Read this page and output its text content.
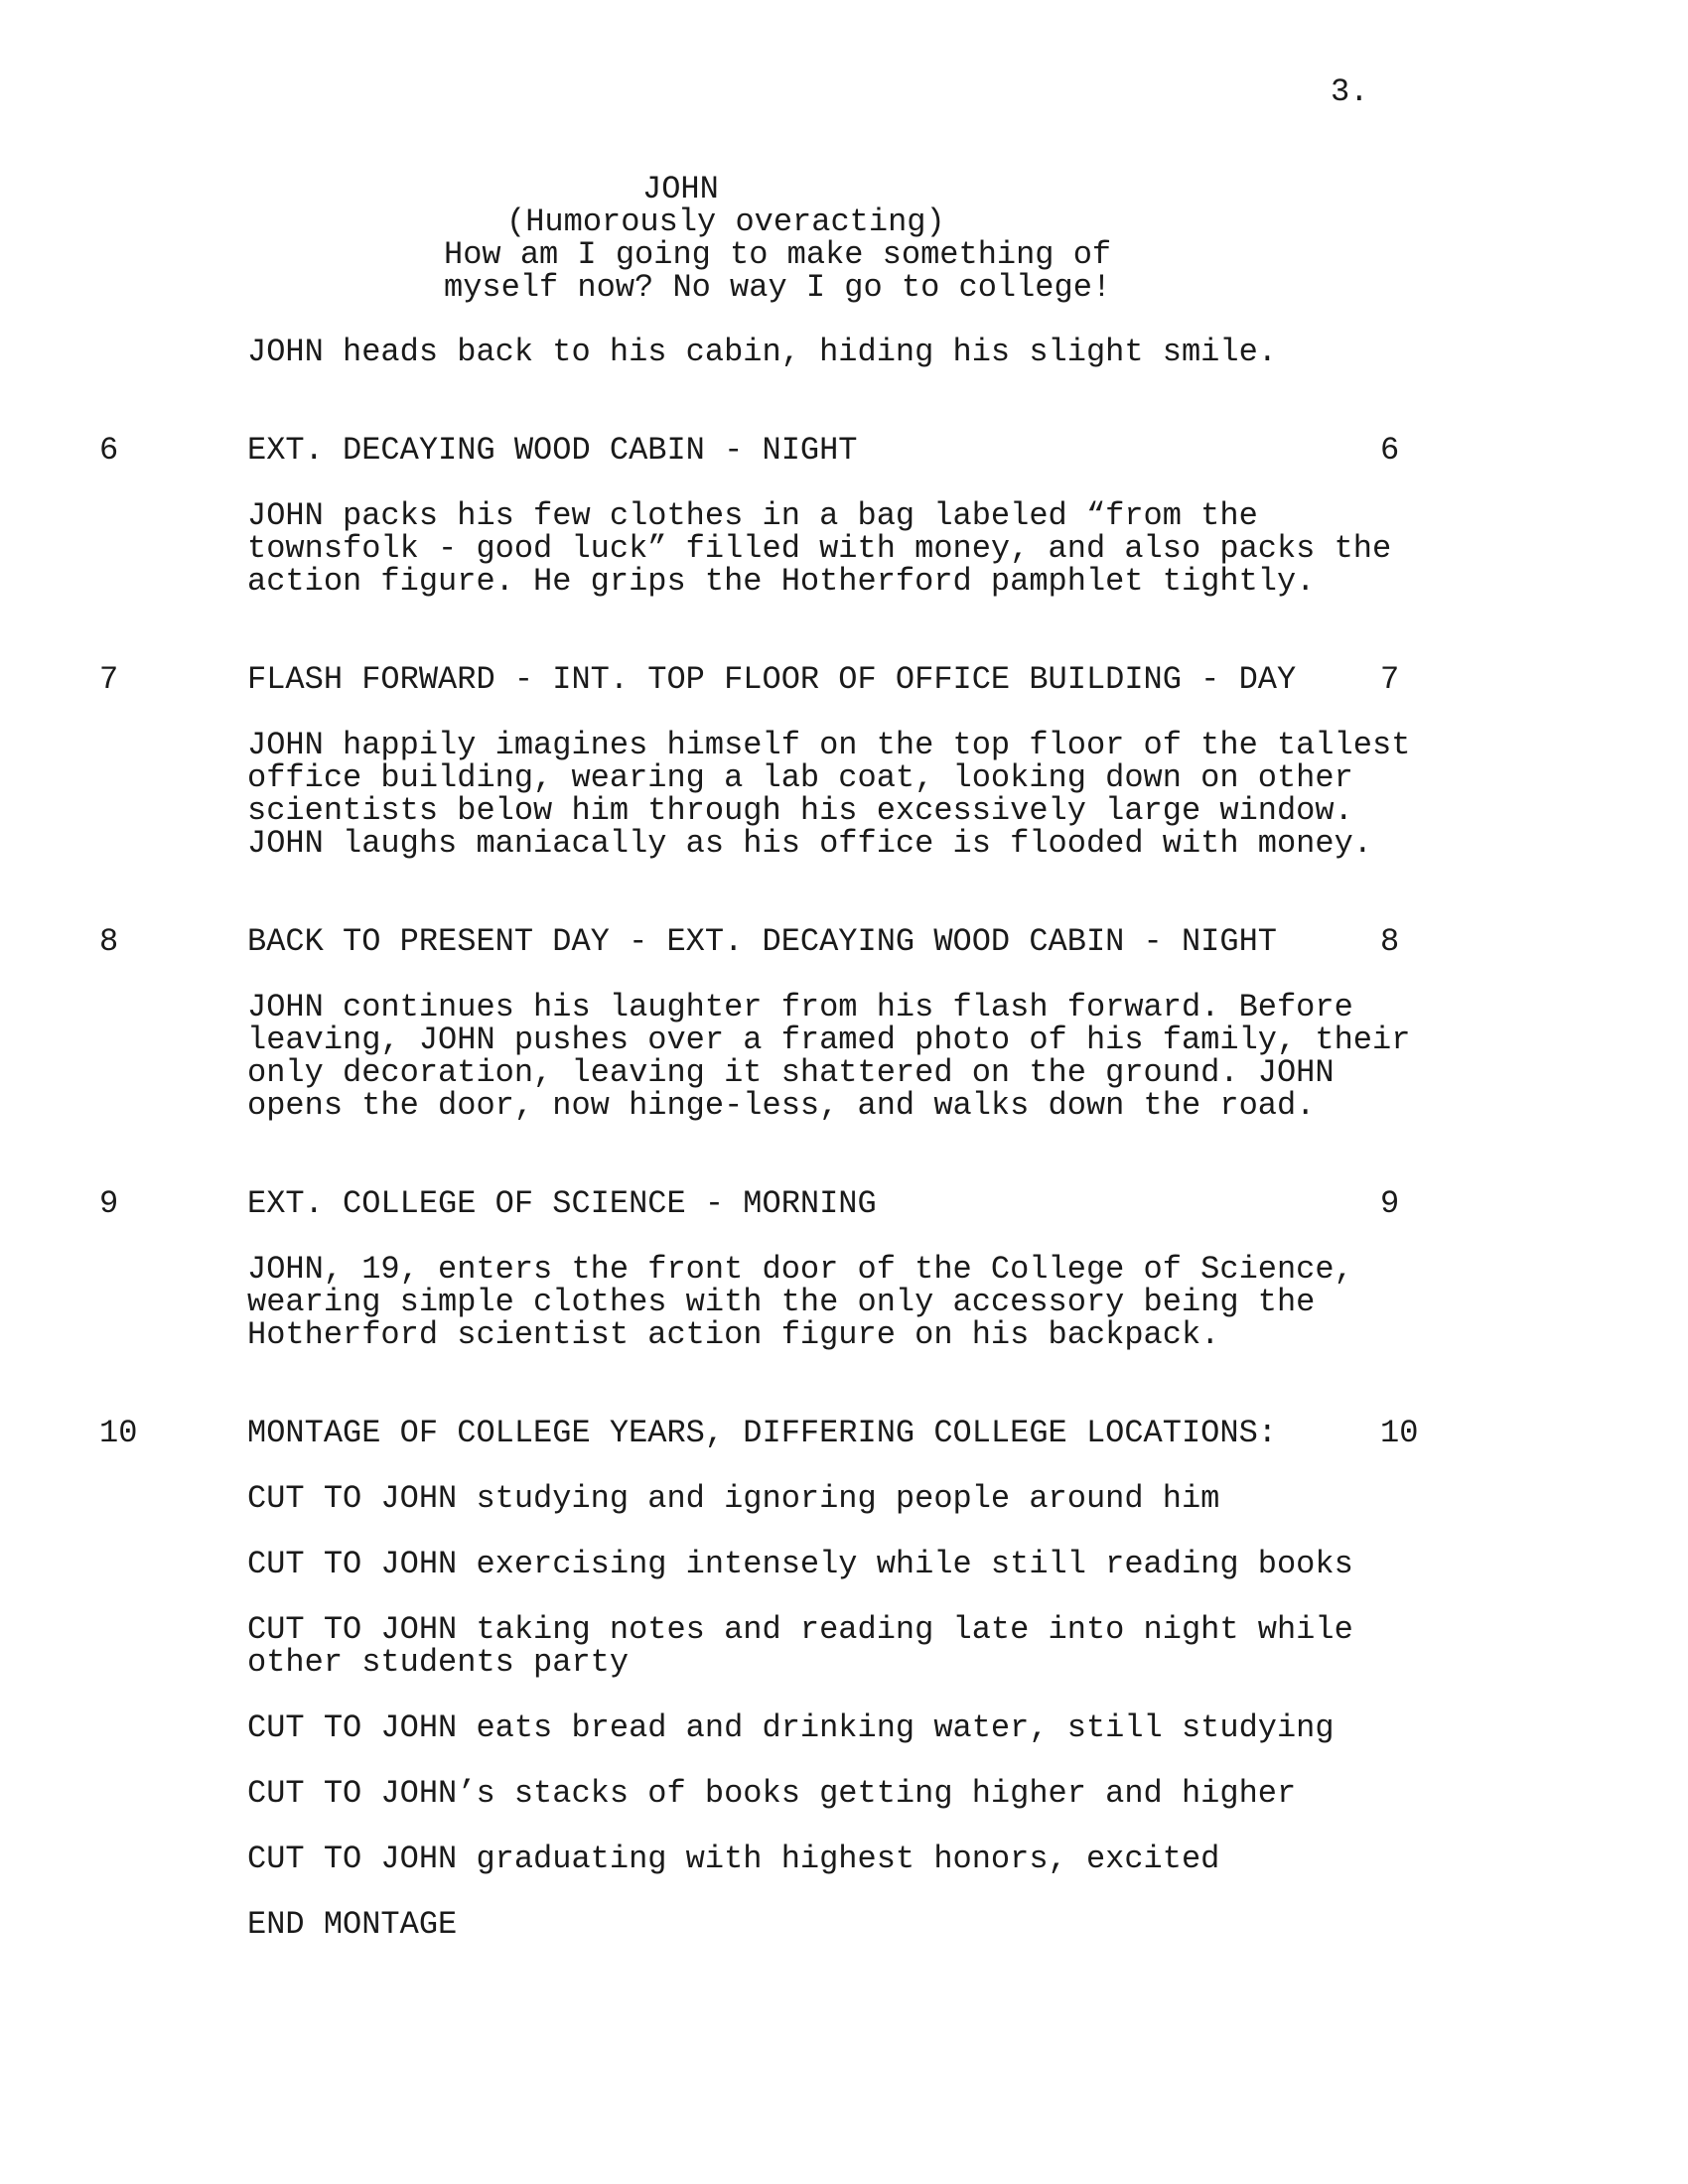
3.
JOHN
(Humorously overacting)
How am I going to make something of
myself now? No way I go to college!
JOHN heads back to his cabin, hiding his slight smile.
6	EXT. DECAYING WOOD CABIN - NIGHT	6
JOHN packs his few clothes in a bag labeled “from the
townsfolk - good luck” filled with money, and also packs the
action figure. He grips the Hotherford pamphlet tightly.
7	FLASH FORWARD - INT. TOP FLOOR OF OFFICE BUILDING - DAY	7
JOHN happily imagines himself on the top floor of the tallest
office building, wearing a lab coat, looking down on other
scientists below him through his excessively large window.
JOHN laughs maniacally as his office is flooded with money.
8	BACK TO PRESENT DAY - EXT. DECAYING WOOD CABIN - NIGHT	8
JOHN continues his laughter from his flash forward. Before
leaving, JOHN pushes over a framed photo of his family, their
only decoration, leaving it shattered on the ground. JOHN
opens the door, now hinge-less, and walks down the road.
9	EXT. COLLEGE OF SCIENCE - MORNING	9
JOHN, 19, enters the front door of the College of Science,
wearing simple clothes with the only accessory being the
Hotherford scientist action figure on his backpack.
10	MONTAGE OF COLLEGE YEARS, DIFFERING COLLEGE LOCATIONS:	10
CUT TO JOHN studying and ignoring people around him
CUT TO JOHN exercising intensely while still reading books
CUT TO JOHN taking notes and reading late into night while
other students party
CUT TO JOHN eats bread and drinking water, still studying
CUT TO JOHN’s stacks of books getting higher and higher
CUT TO JOHN graduating with highest honors, excited
END MONTAGE
